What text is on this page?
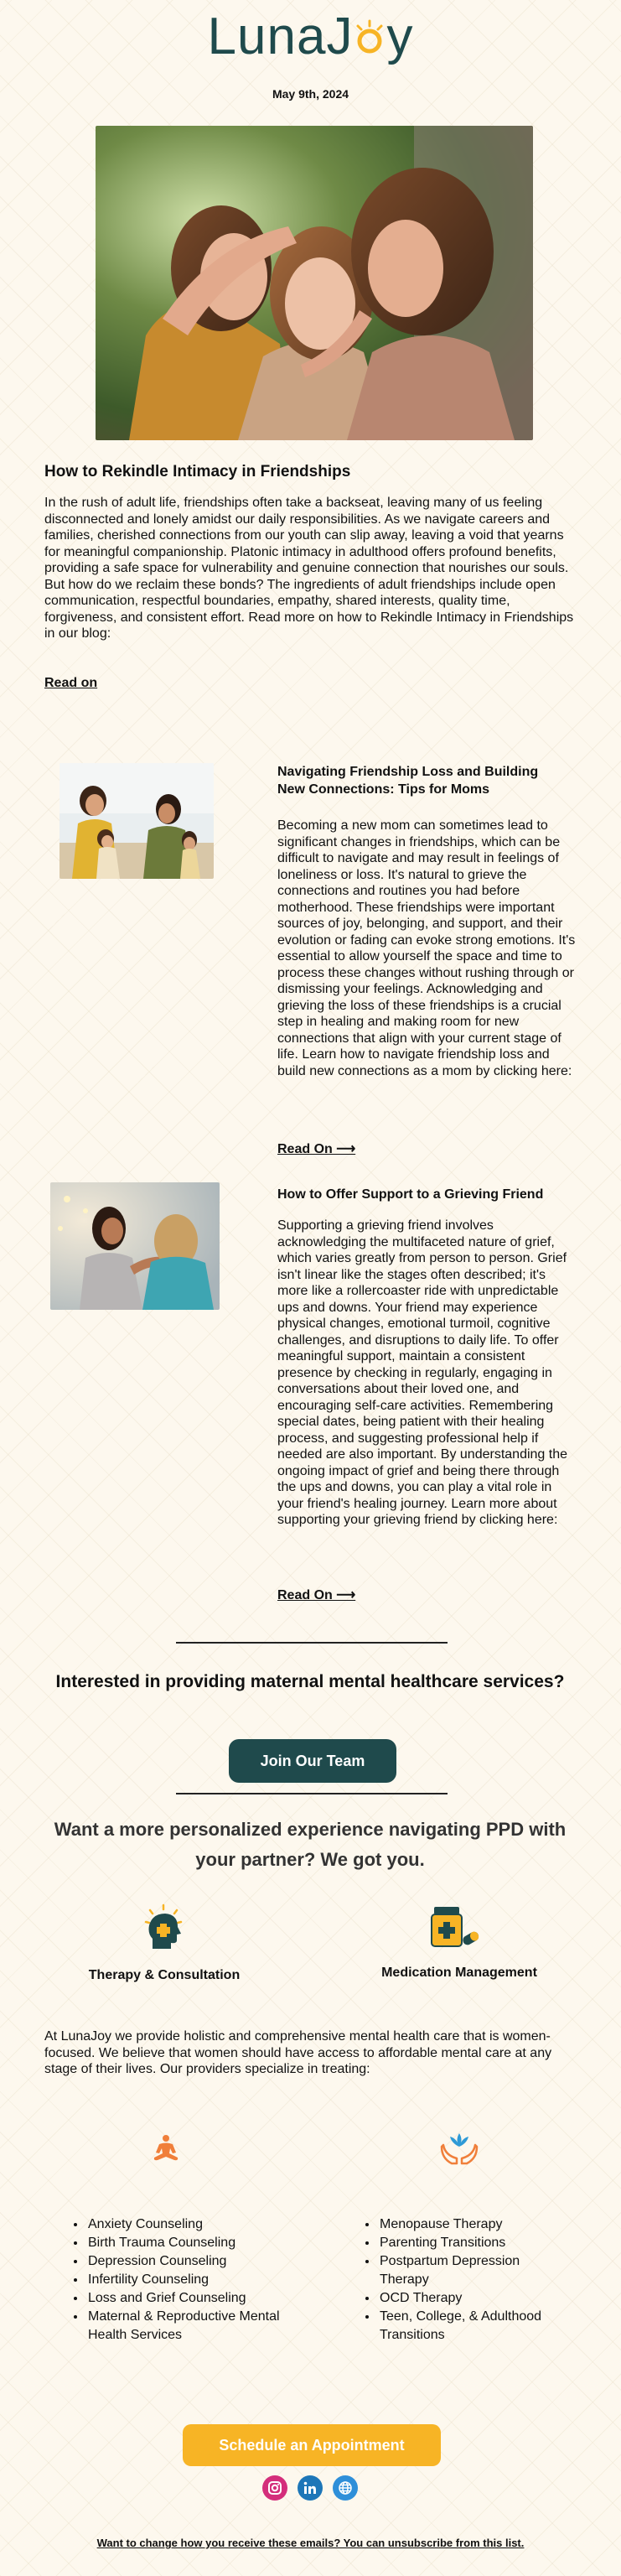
LunaJ y
May 9th, 2024
How to Rekindle Intimacy in Friendships
In the rush of adult life, friendships often take a backseat, leaving many of us feeling disconnected and lonely amidst our daily responsibilities. As we navigate careers and families, cherished connections from our youth can slip away, leaving a void that yearns for meaningful companionship. Platonic intimacy in adulthood offers profound benefits, providing a safe space for vulnerability and genuine connection that nourishes our souls. But how do we reclaim these bonds? The ingredients of adult friendships include open communication, respectful boundaries, empathy, shared interests, quality time, forgiveness, and consistent effort. Read more on how to Rekindle Intimacy in Friendships in our blog:
Read on
Navigating Friendship Loss and Building New Connections: Tips for Moms
Becoming a new mom can sometimes lead to significant changes in friendships, which can be difficult to navigate and may result in feelings of loneliness or loss. It's natural to grieve the connections and routines you had before motherhood. These friendships were important sources of joy, belonging, and support, and their evolution or fading can evoke strong emotions. It's essential to allow yourself the space and time to process these changes without rushing through or dismissing your feelings. Acknowledging and grieving the loss of these friendships is a crucial step in healing and making room for new connections that align with your current stage of life. Learn how to navigate friendship loss and build new connections as a mom by clicking here:
Read On ⟶
How to Offer Support to a Grieving Friend
Supporting a grieving friend involves acknowledging the multifaceted nature of grief, which varies greatly from person to person. Grief isn't linear like the stages often described; it's more like a rollercoaster ride with unpredictable ups and downs. Your friend may experience physical changes, emotional turmoil, cognitive challenges, and disruptions to daily life. To offer meaningful support, maintain a consistent presence by checking in regularly, engaging in conversations about their loved one, and encouraging self-care activities. Remembering special dates, being patient with their healing process, and suggesting professional help if needed are also important. By understanding the ongoing impact of grief and being there through the ups and downs, you can play a vital role in your friend's healing journey. Learn more about supporting your grieving friend by clicking here:
Read On ⟶
Interested in providing maternal mental healthcare services?
Join Our Team
Want a more personalized experience navigating PPD with your partner? We got you.
Therapy & Consultation	Medication Management
At LunaJoy we provide holistic and comprehensive mental health care that is women-focused. We believe that women should have access to affordable mental care at any stage of their lives. Our providers specialize in treating:
• Anxiety Counseling
• Birth Trauma Counseling
• Depression Counseling
• Infertility Counseling
• Loss and Grief Counseling
• Maternal & Reproductive Mental Health Services
• Menopause Therapy
• Parenting Transitions
• Postpartum Depression Therapy
• OCD Therapy
• Teen, College, & Adulthood Transitions
Schedule an Appointment
Want to change how you receive these emails? You can unsubscribe from this list.
